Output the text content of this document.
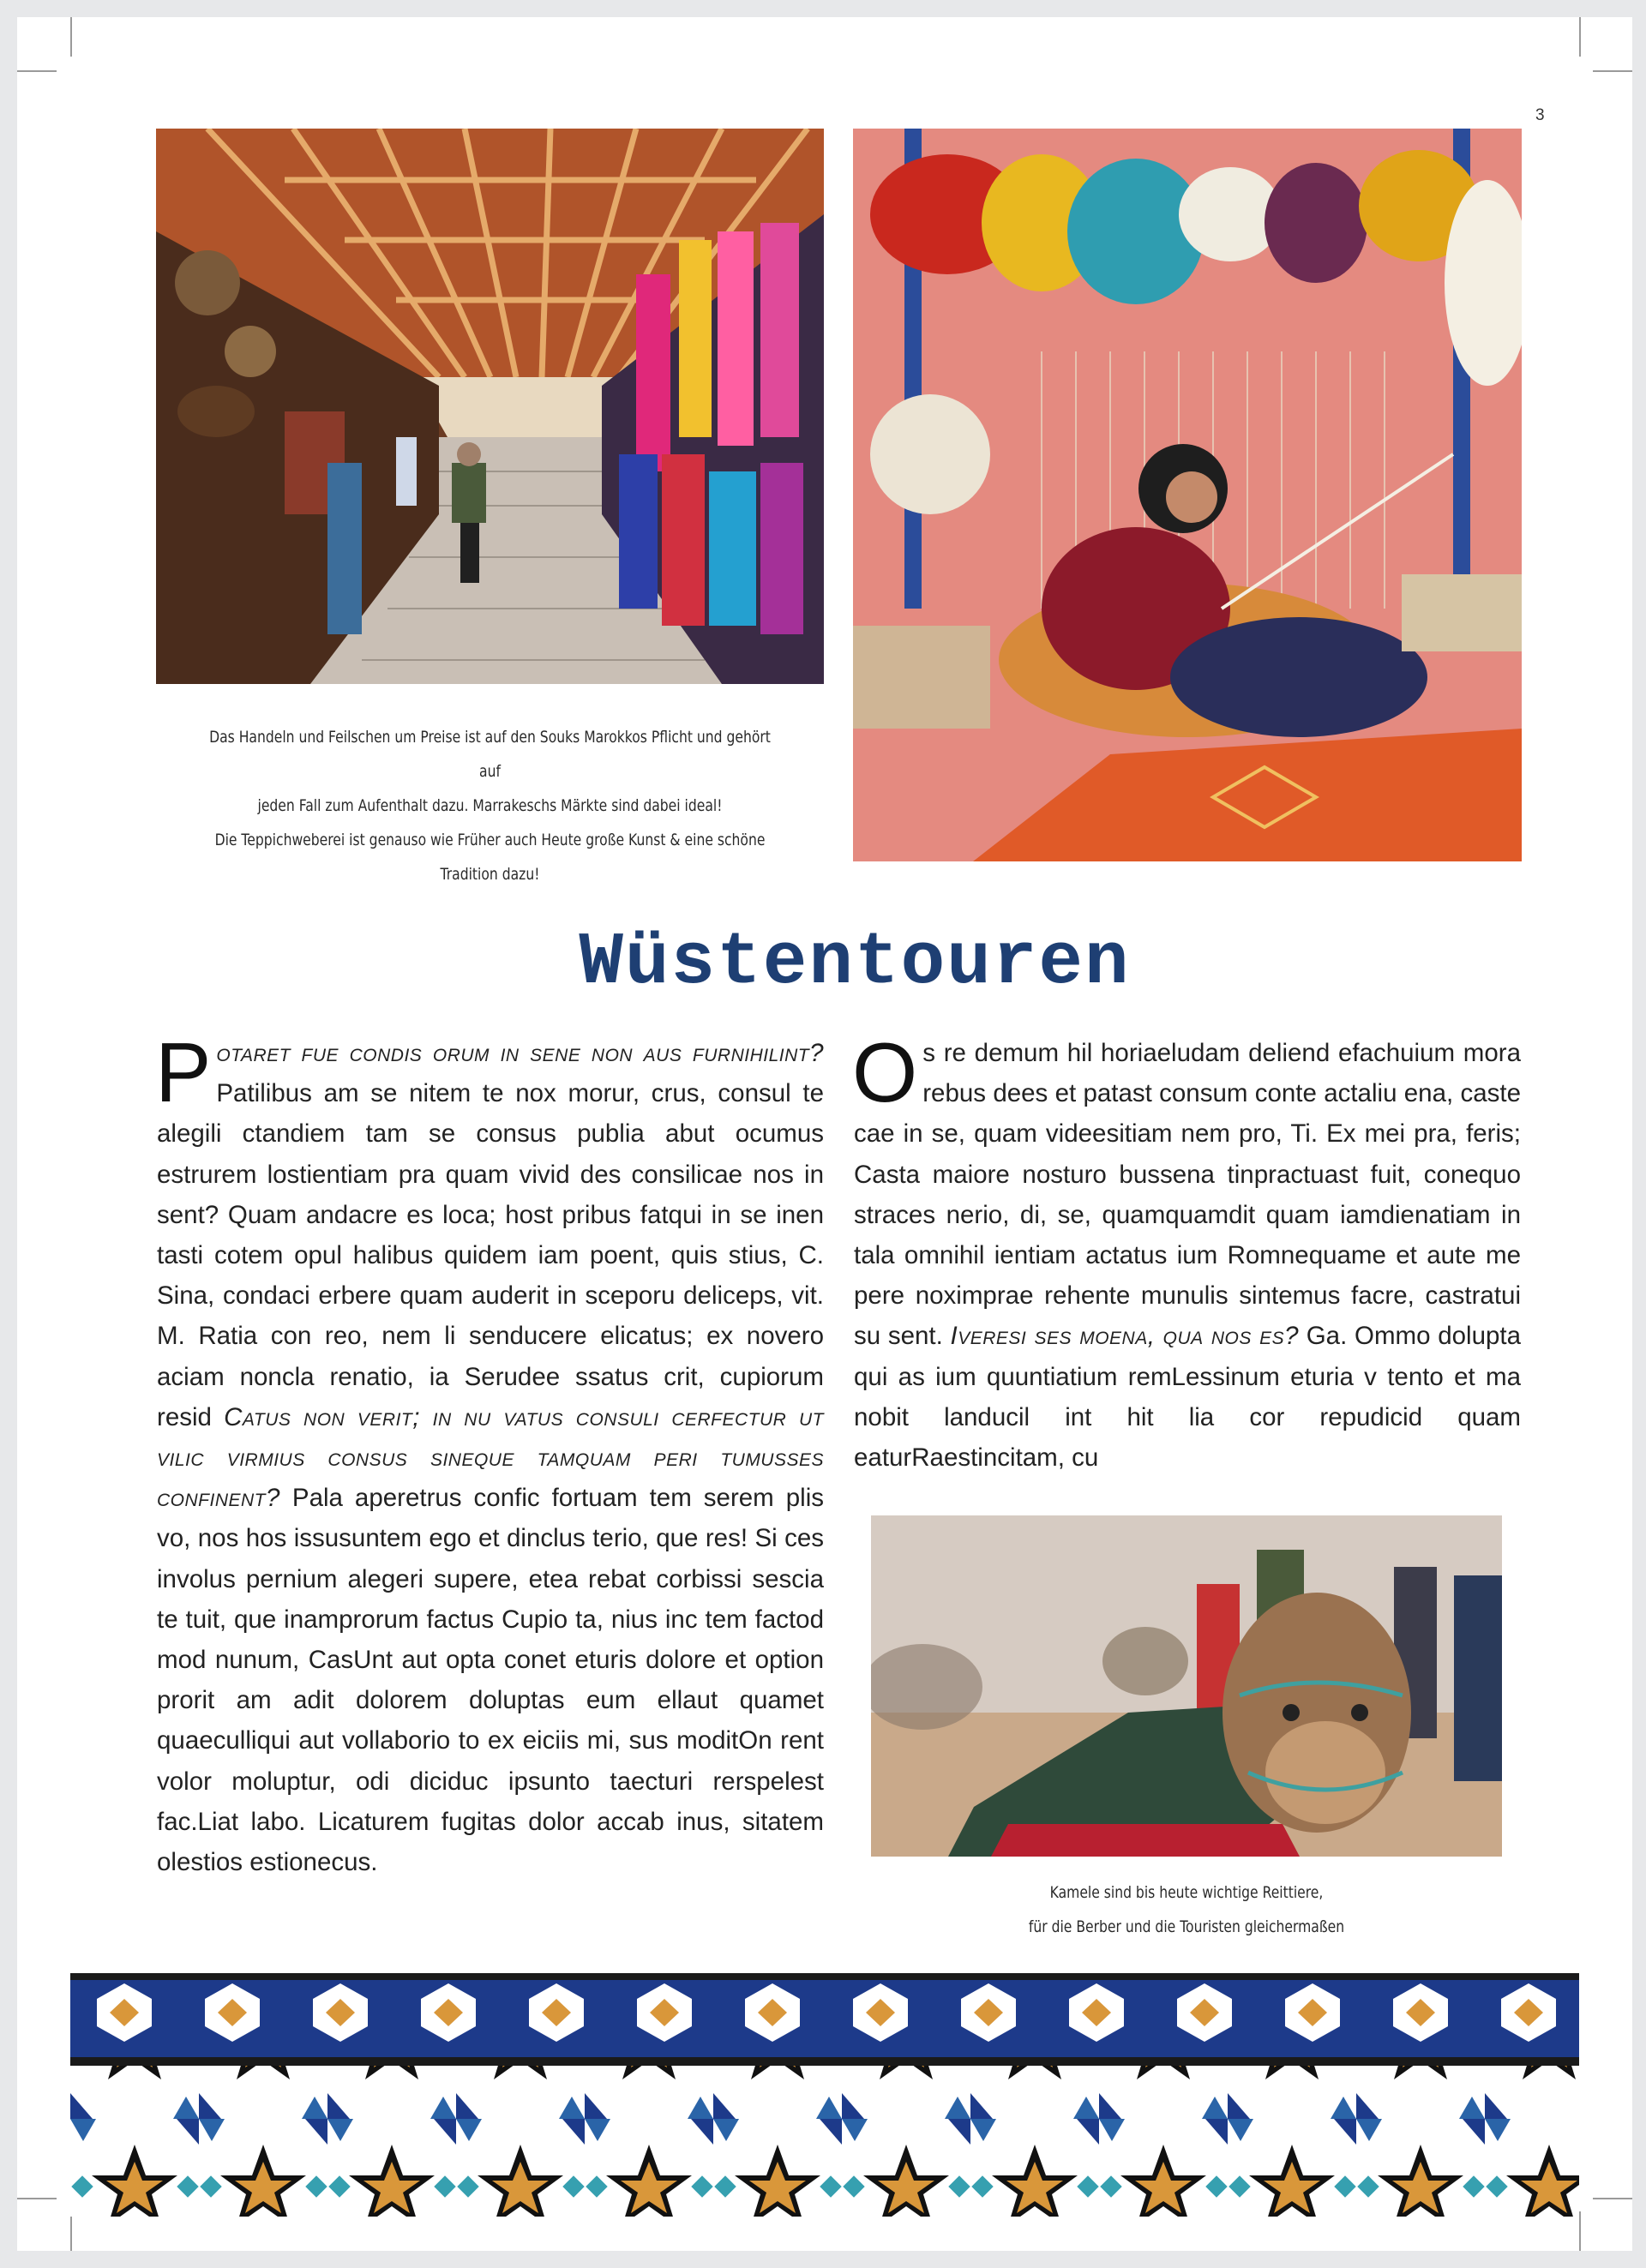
3

Das Handeln und Feilschen um Preise ist auf den Souks Marokkos Pflicht und gehört auf

jeden Fall zum Aufenthalt dazu. Marrakeschs Märkte sind dabei ideal!

Die Teppichweberei ist genauso wie Früher auch Heute große Kunst & eine schöne

Tradition dazu!

Wüstentouren

Potaret fue condis orum in sene non aus furnihilint? Patilibus am se nitem te nox morur, crus, consul te alegili ctandiem tam se consus publia abut ocumus estrurem lostientiam pra quam vivid des consilicae nos in sent? Quam andacre es loca; host pribus fatqui in se inen tasti cotem opul halibus quidem iam poent, quis stius, C. Sina, condaci erbere quam auderit in sceporu deliceps, vit. M. Ratia con reo, nem li senducere elicatus; ex novero aciam noncla renatio, ia Serudee ssatus crit, cupiorum resid Catus non verit; in nu vatus consuli cerfectur ut vilic virmius consus sineque tamquam peri tumusses confinent? Pala aperetrus confic fortuam tem serem plis vo, nos hos issusuntem ego et dinclus terio, que res! Si ces involus pernium alegeri supere, etea rebat corbissi sescia te tuit, que inamprorum factus Cupio ta, nius inc tem factod mod nunum, CasUnt aut opta conet eturis dolore et option prorit am adit dolorem doluptas eum ellaut quamet quaeculliqui aut vollaborio to ex eiciis mi, sus moditOn rent volor moluptur, odi diciduc ipsunto taecturi rerspelest fac.Liat labo. Licaturem fugitas dolor accab inus, sitatem olestios estionecus.

Os re demum hil horiaeludam deliend efachuium mora rebus dees et patast consum conte actaliu ena, caste cae in se, quam videesitiam nem pro, Ti. Ex mei pra, feris; Casta maiore nosturo bussena tinpractuast fuit, conequo straces nerio, di, se, quamquamdit quam iamdienatiam in tala omnihil ientiam actatus ium Romnequame et aute me pere noximprae rehente munulis sintemus facre, castratui su sent. Iveresi ses moena, qua nos es? Ga. Ommo dolupta qui as ium quuntiatium remLessinum eturia v tento et ma nobit landucil int hit lia cor repudicid quam eaturRaestincitam, cu

Kamele sind bis heute wichtige Reittiere,

für die Berber und die Touristen gleichermaßen
